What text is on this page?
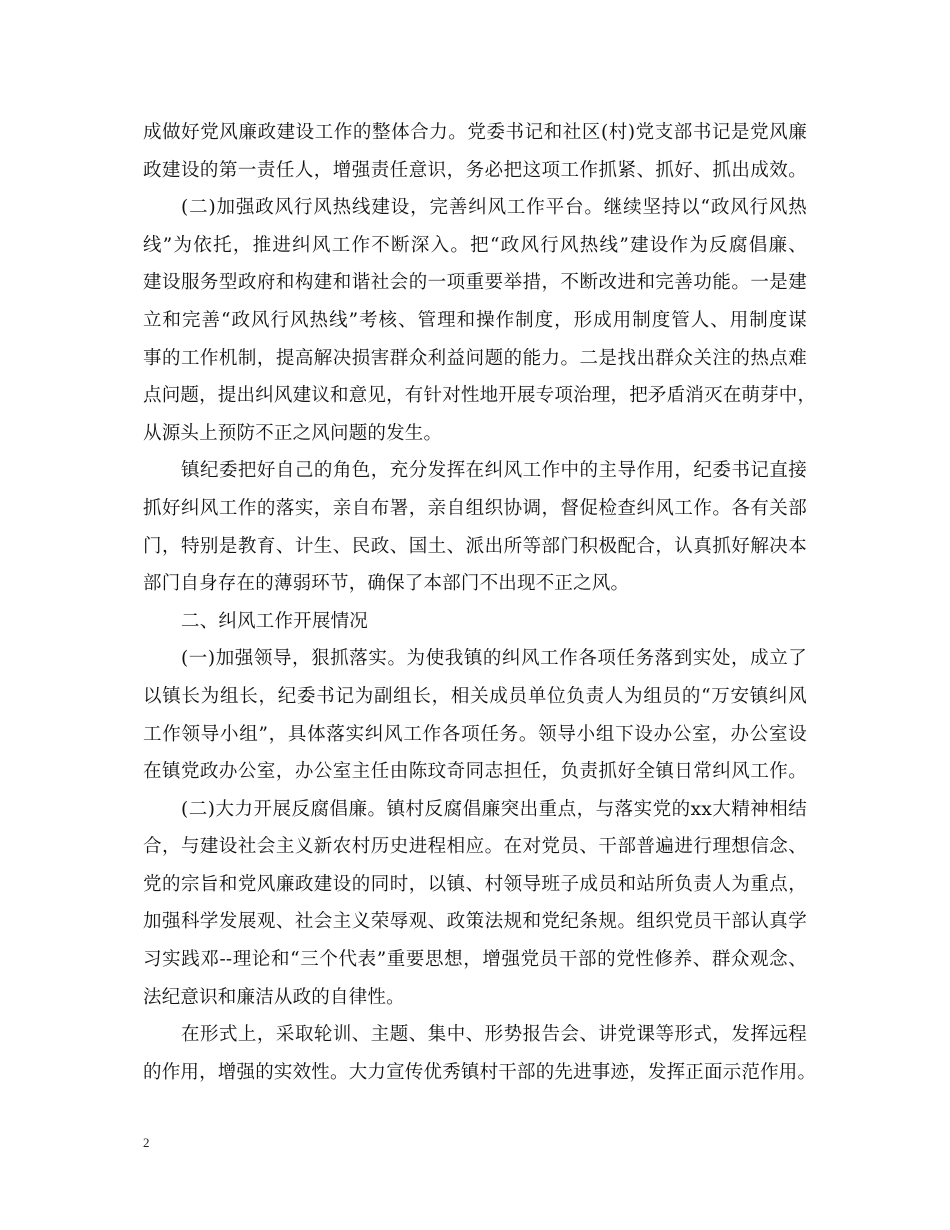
成做好党风廉政建设工作的整体合力。党委书记和社区(村)党支部书记是党风廉
政建设的第一责任人，增强责任意识，务必把这项工作抓紧、抓好、抓出成效。
(二)加强政风行风热线建设，完善纠风工作平台。继续坚持以“政风行风热
线”为依托，推进纠风工作不断深入。把“政风行风热线”建设作为反腐倡廉、
建设服务型政府和构建和谐社会的一项重要举措，不断改进和完善功能。一是建
立和完善“政风行风热线”考核、管理和操作制度，形成用制度管人、用制度谋
事的工作机制，提高解决损害群众利益问题的能力。二是找出群众关注的热点难
点问题，提出纠风建议和意见，有针对性地开展专项治理，把矛盾消灭在萌芽中，
从源头上预防不正之风问题的发生。
镇纪委把好自己的角色，充分发挥在纠风工作中的主导作用，纪委书记直接
抓好纠风工作的落实，亲自布署，亲自组织协调，督促检查纠风工作。各有关部
门，特别是教育、计生、民政、国土、派出所等部门积极配合，认真抓好解决本
部门自身存在的薄弱环节，确保了本部门不出现不正之风。
二、纠风工作开展情况
(一)加强领导，狠抓落实。为使我镇的纠风工作各项任务落到实处，成立了
以镇长为组长，纪委书记为副组长，相关成员单位负责人为组员的“万安镇纠风
工作领导小组”，具体落实纠风工作各项任务。领导小组下设办公室，办公室设
在镇党政办公室，办公室主任由陈玟奇同志担任，负责抓好全镇日常纠风工作。
(二)大力开展反腐倡廉。镇村反腐倡廉突出重点，与落实党的xx大精神相结
合，与建设社会主义新农村历史进程相应。在对党员、干部普遍进行理想信念、
党的宗旨和党风廉政建设的同时，以镇、村领导班子成员和站所负责人为重点，
加强科学发展观、社会主义荣辱观、政策法规和党纪条规。组织党员干部认真学
习实践邓--理论和“三个代表”重要思想，增强党员干部的党性修养、群众观念、
法纪意识和廉洁从政的自律性。
在形式上，采取轮训、主题、集中、形势报告会、讲党课等形式，发挥远程
的作用，增强的实效性。大力宣传优秀镇村干部的先进事迹，发挥正面示范作用。
2
